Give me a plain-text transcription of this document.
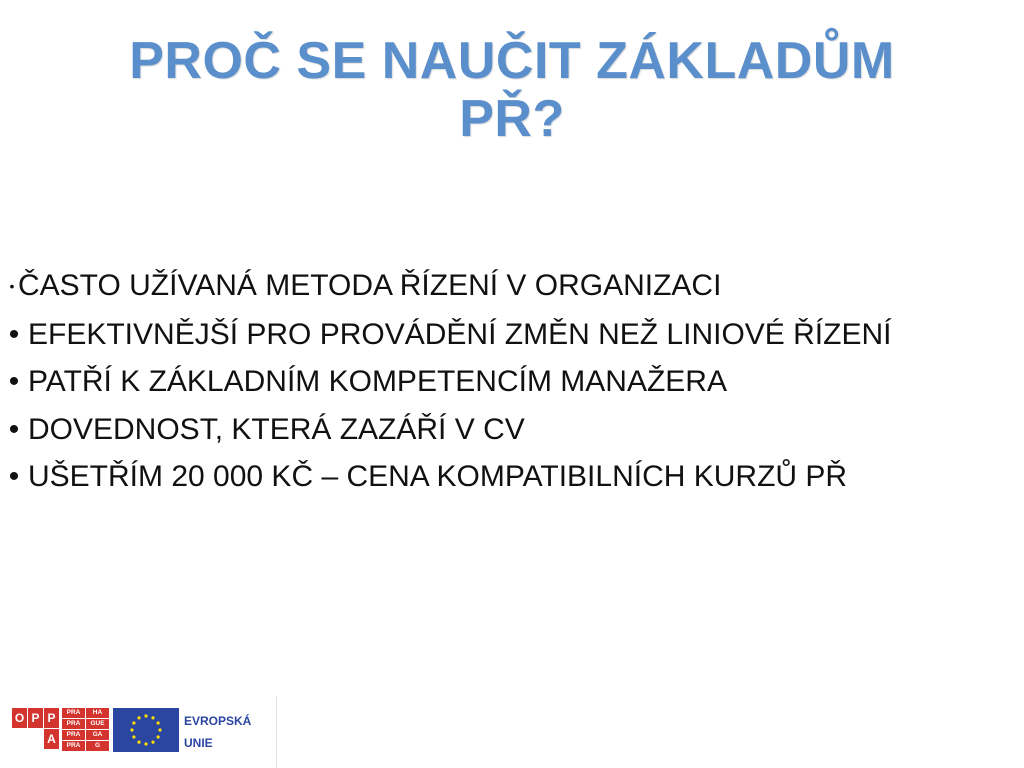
PROČ SE NAUČIT ZÁKLADŮM
PŘ?
• ČASTO UŽÍVANÁ METODA ŘÍZENÍ V ORGANIZACI
• EFEKTIVNĚJŠÍ PRO PROVÁDĚNÍ ZMĚN NEŽ LINIOVÉ ŘÍZENÍ
• PATŘÍ K ZÁKLADNÍM KOMPETENCÍM MANAŽERA
• DOVEDNOST, KTERÁ ZAZÁŘÍ V CV
• UŠETŘÍM 20 000 KČ – CENA KOMPATIBILNÍCH KURZŮ PŘ
O P P
A
PRA	HA
PRA	GUE
PRA	GA
PRA	G
EVROPSKÁ
UNIE
